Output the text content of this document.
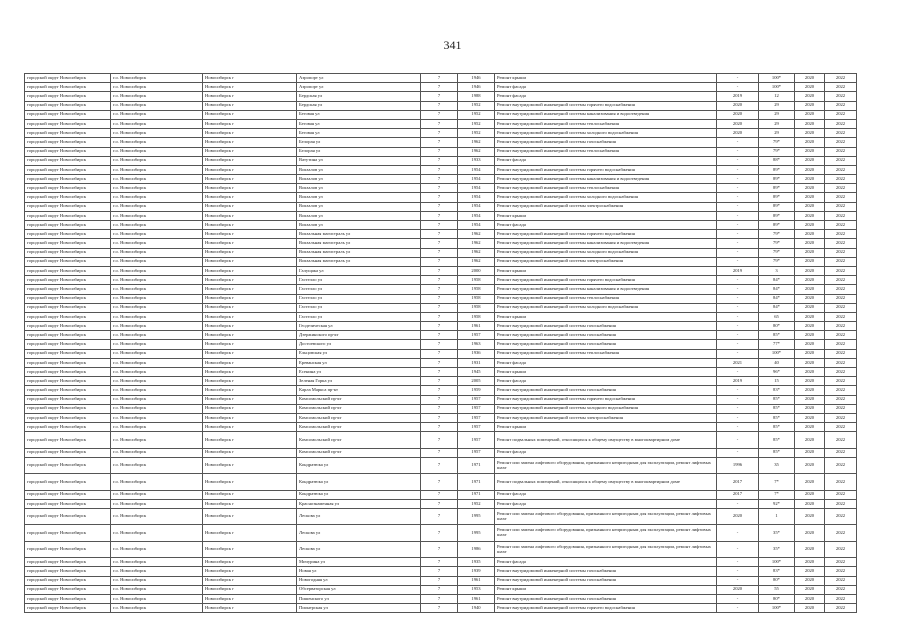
341
городской округ Новосибирск	г.о. Новосибирск	Новосибирск г	Аэропорт ул	7	1946	Ремонт крыши	-	100*	2020	2022
городской округ Новосибирск	г.о. Новосибирск	Новосибирск г	Аэропорт ул	7	1946	Ремонт фасада	-	100*	2020	2022
городской округ Новосибирск	г.о. Новосибирск	Новосибирск г	Бердская ул	7	1988	Ремонт фасада	2019	12	2020	2022
городской округ Новосибирск	г.о. Новосибирск	Новосибирск г	Бердская ул	7	1952	Ремонт внутридомовой инженерной системы горячего водоснабжения	2020	29	2020	2022
городской округ Новосибирск	г.о. Новосибирск	Новосибирск г	Беговая ул	7	1952	Ремонт внутридомовой инженерной системы канализования и водоотведения	2020	29	2020	2022
городской округ Новосибирск	г.о. Новосибирск	Новосибирск г	Беговая ул	7	1952	Ремонт внутридомовой инженерной системы теплоснабжения	2020	29	2020	2022
городской округ Новосибирск	г.о. Новосибирск	Новосибирск г	Беговая ул	7	1952	Ремонт внутридомовой инженерной системы холодного водоснабжения	2020	29	2020	2022
городской округ Новосибирск	г.о. Новосибирск	Новосибирск г	Белорая ул	7	1962	Ремонт внутридомовой инженерной системы газоснабжения	-	79*	2020	2022
городской округ Новосибирск	г.о. Новосибирск	Новосибирск г	Белорая ул	7	1962	Ремонт внутридомовой инженерной системы теплоснабжения	-	79*	2020	2022
городской округ Новосибирск	г.о. Новосибирск	Новосибирск г	Ватутина ул	7	1933	Ремонт фасада	-	88*	2020	2022
городской округ Новосибирск	г.о. Новосибирск	Новосибирск г	Вокзалов ул	7	1954	Ремонт внутридомовой инженерной системы горячего водоснабжения	-	89*	2020	2022
городской округ Новосибирск	г.о. Новосибирск	Новосибирск г	Вокзалов ул	7	1954	Ремонт внутридомовой инженерной системы канализования и водоотведения	-	89*	2020	2022
городской округ Новосибирск	г.о. Новосибирск	Новосибирск г	Вокзалов ул	7	1954	Ремонт внутридомовой инженерной системы теплоснабжения	-	89*	2020	2022
городской округ Новосибирск	г.о. Новосибирск	Новосибирск г	Вокзалов ул	7	1954	Ремонт внутридомовой инженерной системы холодного водоснабжения	-	89*	2020	2022
городской округ Новосибирск	г.о. Новосибирск	Новосибирск г	Вокзалов ул	7	1954	Ремонт внутридомовой инженерной системы электроснабжения	-	89*	2020	2022
городской округ Новосибирск	г.о. Новосибирск	Новосибирск г	Вокзалов ул	7	1954	Ремонт крыши	-	89*	2020	2022
городской округ Новосибирск	г.о. Новосибирск	Новосибирск г	Вокзалов ул	7	1954	Ремонт фасада	-	89*	2020	2022
городской округ Новосибирск	г.о. Новосибирск	Новосибирск г	Вокзальная магистраль ул	7	1962	Ремонт внутридомовой инженерной системы горячего водоснабжения	-	79*	2020	2022
городской округ Новосибирск	г.о. Новосибирск	Новосибирск г	Вокзальная магистраль ул	7	1962	Ремонт внутридомовой инженерной системы канализования и водоотведения	-	79*	2020	2022
городской округ Новосибирск	г.о. Новосибирск	Новосибирск г	Вокзальная магистраль ул	7	1962	Ремонт внутридомовой инженерной системы холодного водоснабжения	-	79*	2020	2022
городской округ Новосибирск	г.о. Новосибирск	Новосибирск г	Вокзальная магистраль ул	7	1962	Ремонт внутридомовой инженерной системы электроснабжения	-	79*	2020	2022
городской округ Новосибирск	г.о. Новосибирск	Новосибирск г	Галущака ул	7	2000	Ремонт крыши	2019	3	2020	2022
городской округ Новосибирск	г.о. Новосибирск	Новосибирск г	Гастелло ул	7	1958	Ремонт внутридомовой инженерной системы горячего водоснабжения	-	84*	2020	2022
городской округ Новосибирск	г.о. Новосибирск	Новосибирск г	Гастелло ул	7	1958	Ремонт внутридомовой инженерной системы канализования и водоотведения	-	84*	2020	2022
городской округ Новосибирск	г.о. Новосибирск	Новосибирск г	Гастелло ул	7	1958	Ремонт внутридомовой инженерной системы теплоснабжения	-	84*	2020	2022
городской округ Новосибирск	г.о. Новосибирск	Новосибирск г	Гастелло ул	7	1958	Ремонт внутридомовой инженерной системы холодного водоснабжения	-	84*	2020	2022
городской округ Новосибирск	г.о. Новосибирск	Новосибирск г	Гастелло ул	7	1958	Ремонт крыши	-	65	2020	2022
городской округ Новосибирск	г.о. Новосибирск	Новосибирск г	Геодезическая ул	7	1961	Ремонт внутридомовой инженерной системы газоснабжения	-	80*	2020	2022
городской округ Новосибирск	г.о. Новосибирск	Новосибирск г	Дзержинского пр-кт	7	1957	Ремонт внутридомовой инженерной системы газоснабжения	-	85*	2020	2022
городской округ Новосибирск	г.о. Новосибирск	Новосибирск г	Достоевского ул	7	1963	Ремонт внутридомовой инженерной системы газоснабжения	-	77*	2020	2022
городской округ Новосибирск	г.о. Новосибирск	Новосибирск г	Ельцовская ул	7	1936	Ремонт внутридомовой инженерной системы теплоснабжения	-	100*	2020	2022
городской округ Новосибирск	г.о. Новосибирск	Новосибирск г	Ереванская ул	7	1931	Ремонт фасада	2021	40	2020	2022
городской округ Новосибирск	г.о. Новосибирск	Новосибирск г	Есенина ул	7	1945	Ремонт крыши	-	96*	2020	2022
городской округ Новосибирск	г.о. Новосибирск	Новосибирск г	Зеленая Горка ул	7	2005	Ремонт фасада	2019	15	2020	2022
городской округ Новосибирск	г.о. Новосибирск	Новосибирск г	Карла Маркса пр-кт	7	1959	Ремонт внутридомовой инженерной системы газоснабжения	-	83*	2020	2022
городской округ Новосибирск	г.о. Новосибирск	Новосибирск г	Комсомольский пр-кт	7	1957	Ремонт внутридомовой инженерной системы горячего водоснабжения	-	85*	2020	2022
городской округ Новосибирск	г.о. Новосибирск	Новосибирск г	Комсомольский пр-кт	7	1957	Ремонт внутридомовой инженерной системы холодного водоснабжения	-	85*	2020	2022
городской округ Новосибирск	г.о. Новосибирск	Новосибирск г	Комсомольский пр-кт	7	1957	Ремонт внутридомовой инженерной системы электроснабжения	-	85*	2020	2022
городской округ Новосибирск	г.о. Новосибирск	Новосибирск г	Комсомольский пр-кт	7	1957	Ремонт крыши	-	85*	2020	2022
городской округ Новосибирск	г.о. Новосибирск	Новосибирск г	Комсомольский пр-кт	7	1957	Ремонт подвальных помещений, относящихся к общему имуществу в многоквартирном доме	-	85*	2020	2022
городской округ Новосибирск	г.о. Новосибирск	Новосибирск г	Комсомольский пр-кт	7	1957	Ремонт фасада	-	85*	2020	2022
городской округ Новосибирск	г.о. Новосибирск	Новосибирск г	Кондратюка ул	7	1971	Ремонт или замена лифтового оборудования, признанного непригодным для эксплуатации, ремонт лифтовых шахт	1996	35	2020	2022
городской округ Новосибирск	г.о. Новосибирск	Новосибирск г	Кондратюка ул	7	1971	Ремонт подвальных помещений, относящихся к общему имуществу в многоквартирном доме	2017	7*	2020	2022
городской округ Новосибирск	г.о. Новосибирск	Новосибирск г	Кондратюка ул	7	1971	Ремонт фасада	2017	7*	2020	2022
городской округ Новосибирск	г.о. Новосибирск	Новосибирск г	Краснознаменная ул	7	1952	Ремонт фасада	-	92*	2020	2022
городской округ Новосибирск	г.о. Новосибирск	Новосибирск г	Лескова ул	7	1995	Ремонт или замена лифтового оборудования, признанного непригодным для эксплуатации, ремонт лифтовых шахт	2020	1	2020	2022
городской округ Новосибирск	г.о. Новосибирск	Новосибирск г	Лескова ул	7	1995	Ремонт или замена лифтового оборудования, признанного непригодным для эксплуатации, ремонт лифтовых шахт	-	35*	2020	2022
городской округ Новосибирск	г.о. Новосибирск	Новосибирск г	Лескова ул	7	1986	Ремонт или замена лифтового оборудования, признанного непригодным для эксплуатации, ремонт лифтовых шахт	-	35*	2020	2022
городской округ Новосибирск	г.о. Новосибирск	Новосибирск г	Мичурина ул	7	1935	Ремонт фасада	-	100*	2020	2022
городской округ Новосибирск	г.о. Новосибирск	Новосибирск г	Новая ул	7	1939	Ремонт внутридомовой инженерной системы газоснабжения	-	83*	2020	2022
городской округ Новосибирск	г.о. Новосибирск	Новосибирск г	Новогодняя ул	7	1961	Ремонт внутридомовой инженерной системы газоснабжения	-	80*	2020	2022
городской округ Новосибирск	г.о. Новосибирск	Новосибирск г	Обсерваторская ул	7	1953	Ремонт крыши	2020	55	2020	2022
городской округ Новосибирск	г.о. Новосибирск	Новосибирск г	Пишенского ул	7	1961	Ремонт внутридомовой инженерной системы газоснабжения	-	80*	2020	2022
городской округ Новосибирск	г.о. Новосибирск	Новосибирск г	Пионерская ул	7	1940	Ремонт внутридомовой инженерной системы горячего водоснабжения	-	100*	2020	2022
